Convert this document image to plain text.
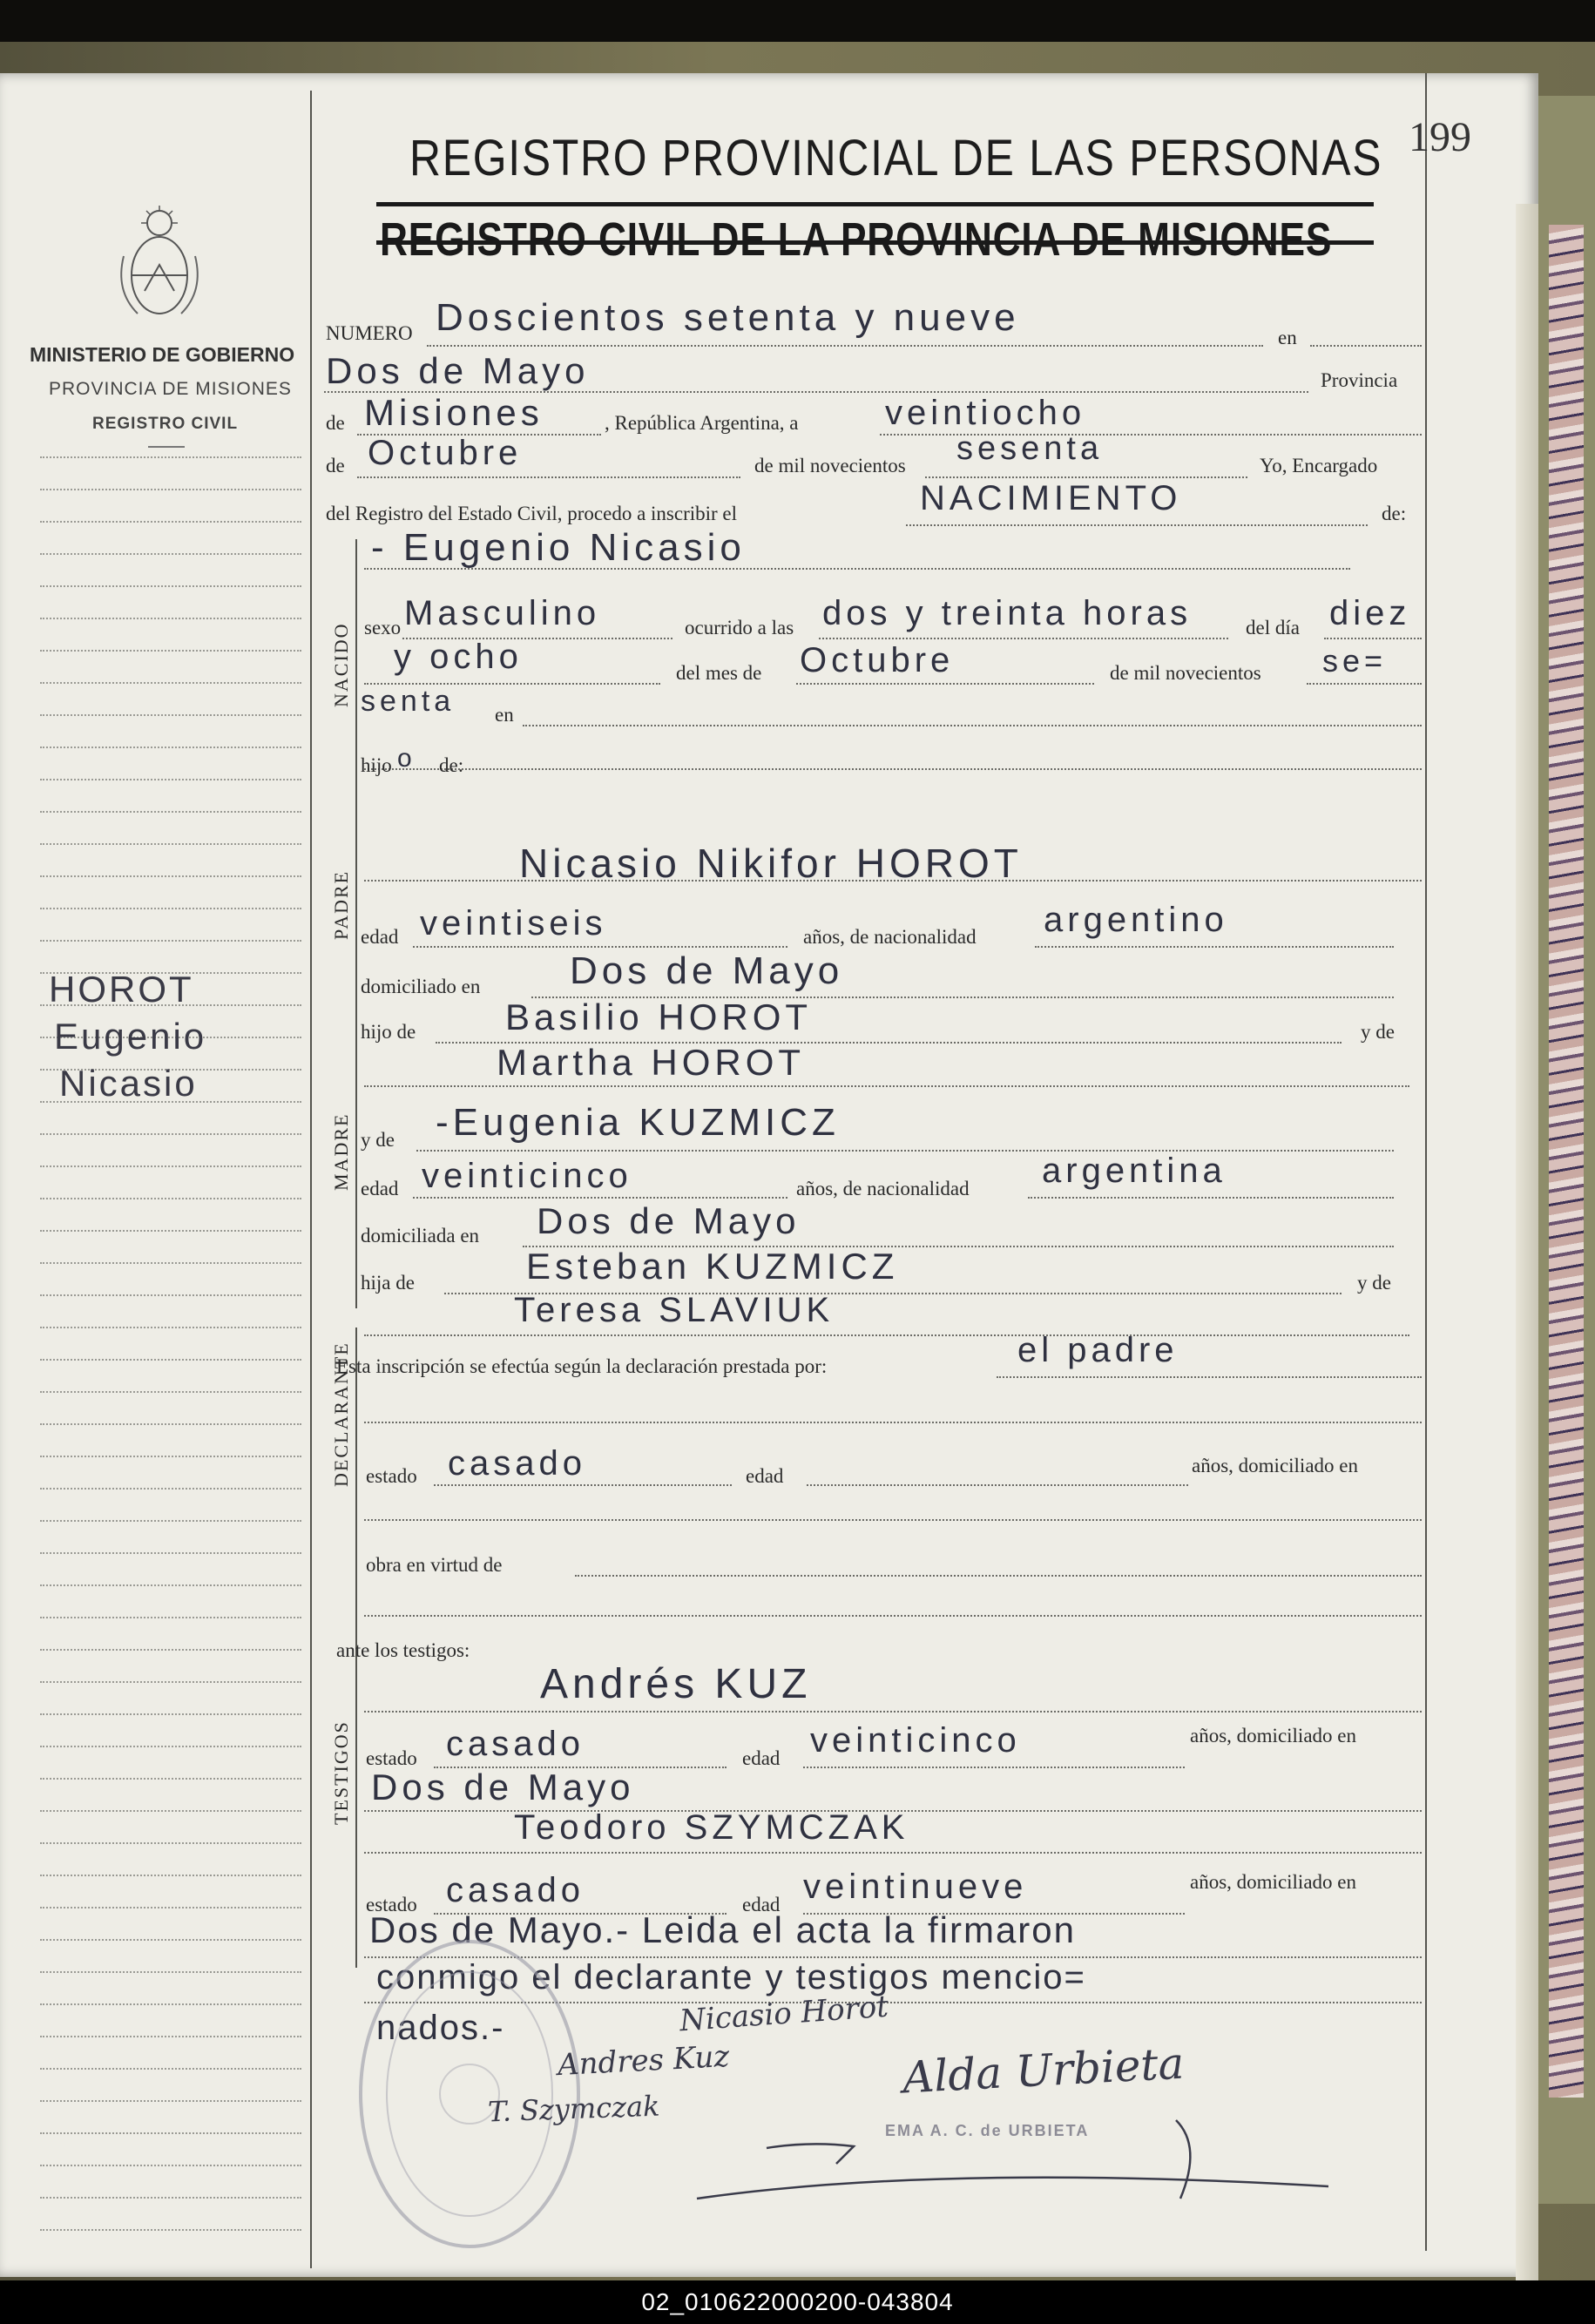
199
MINISTERIO DE GOBIERNO
PROVINCIA DE MISIONES
REGISTRO CIVIL
REGISTRO PROVINCIAL DE LAS PERSONAS
REGISTRO CIVIL DE LA PROVINCIA DE MISIONES
HOROT
Eugenio
Nicasio
NACIDO
PADRE
MADRE
DECLARANTE
TESTIGOS
NUMERO Doscientos setenta y nueve	en
Dos de Mayo	Provincia
de Misiones	, República Argentina, a veintiocho
de Octubre	de mil novecientos sesenta	Yo, Encargado
del Registro del Estado Civil, procedo a inscribir el	NACIMIENTO	de:
- Eugenio Nicasio
sexo Masculino	ocurrido a las dos y treinta horas	del día diez
y ocho	del mes de Octubre	de mil novecientos se=
senta en
hijo o de:
Nicasio Nikifor HOROT
edad veintiseis	años, de nacionalidad argentino
domiciliado en Dos de Mayo
hijo de Basilio HOROT	y de
Martha HOROT
y de -Eugenia KUZMICZ
edad veinticinco	años, de nacionalidad argentina
domiciliada en Dos de Mayo
hija de	Esteban KUZMICZ	y de
Teresa SLAVIUK
Esta inscripción se efectúa según la declaración prestada por:	el padre
estado casado	edad	años, domiciliado en
obra en virtud de
ante los testigos:
Andrés KUZ
estado casado	edad veinticinco	años, domiciliado en
Dos de Mayo
Teodoro SZYMCZAK
estado casado	edad veintinueve	años, domiciliado en
Dos de Mayo.- Leida el acta la firmaron
conmigo el declarante y testigos mencio=
nados.-	Nicasio Horot
Andres Kuz
T. Szymczak
Alda Urbieta
EMA A. C. de URBIETA
02_010622000200-043804
